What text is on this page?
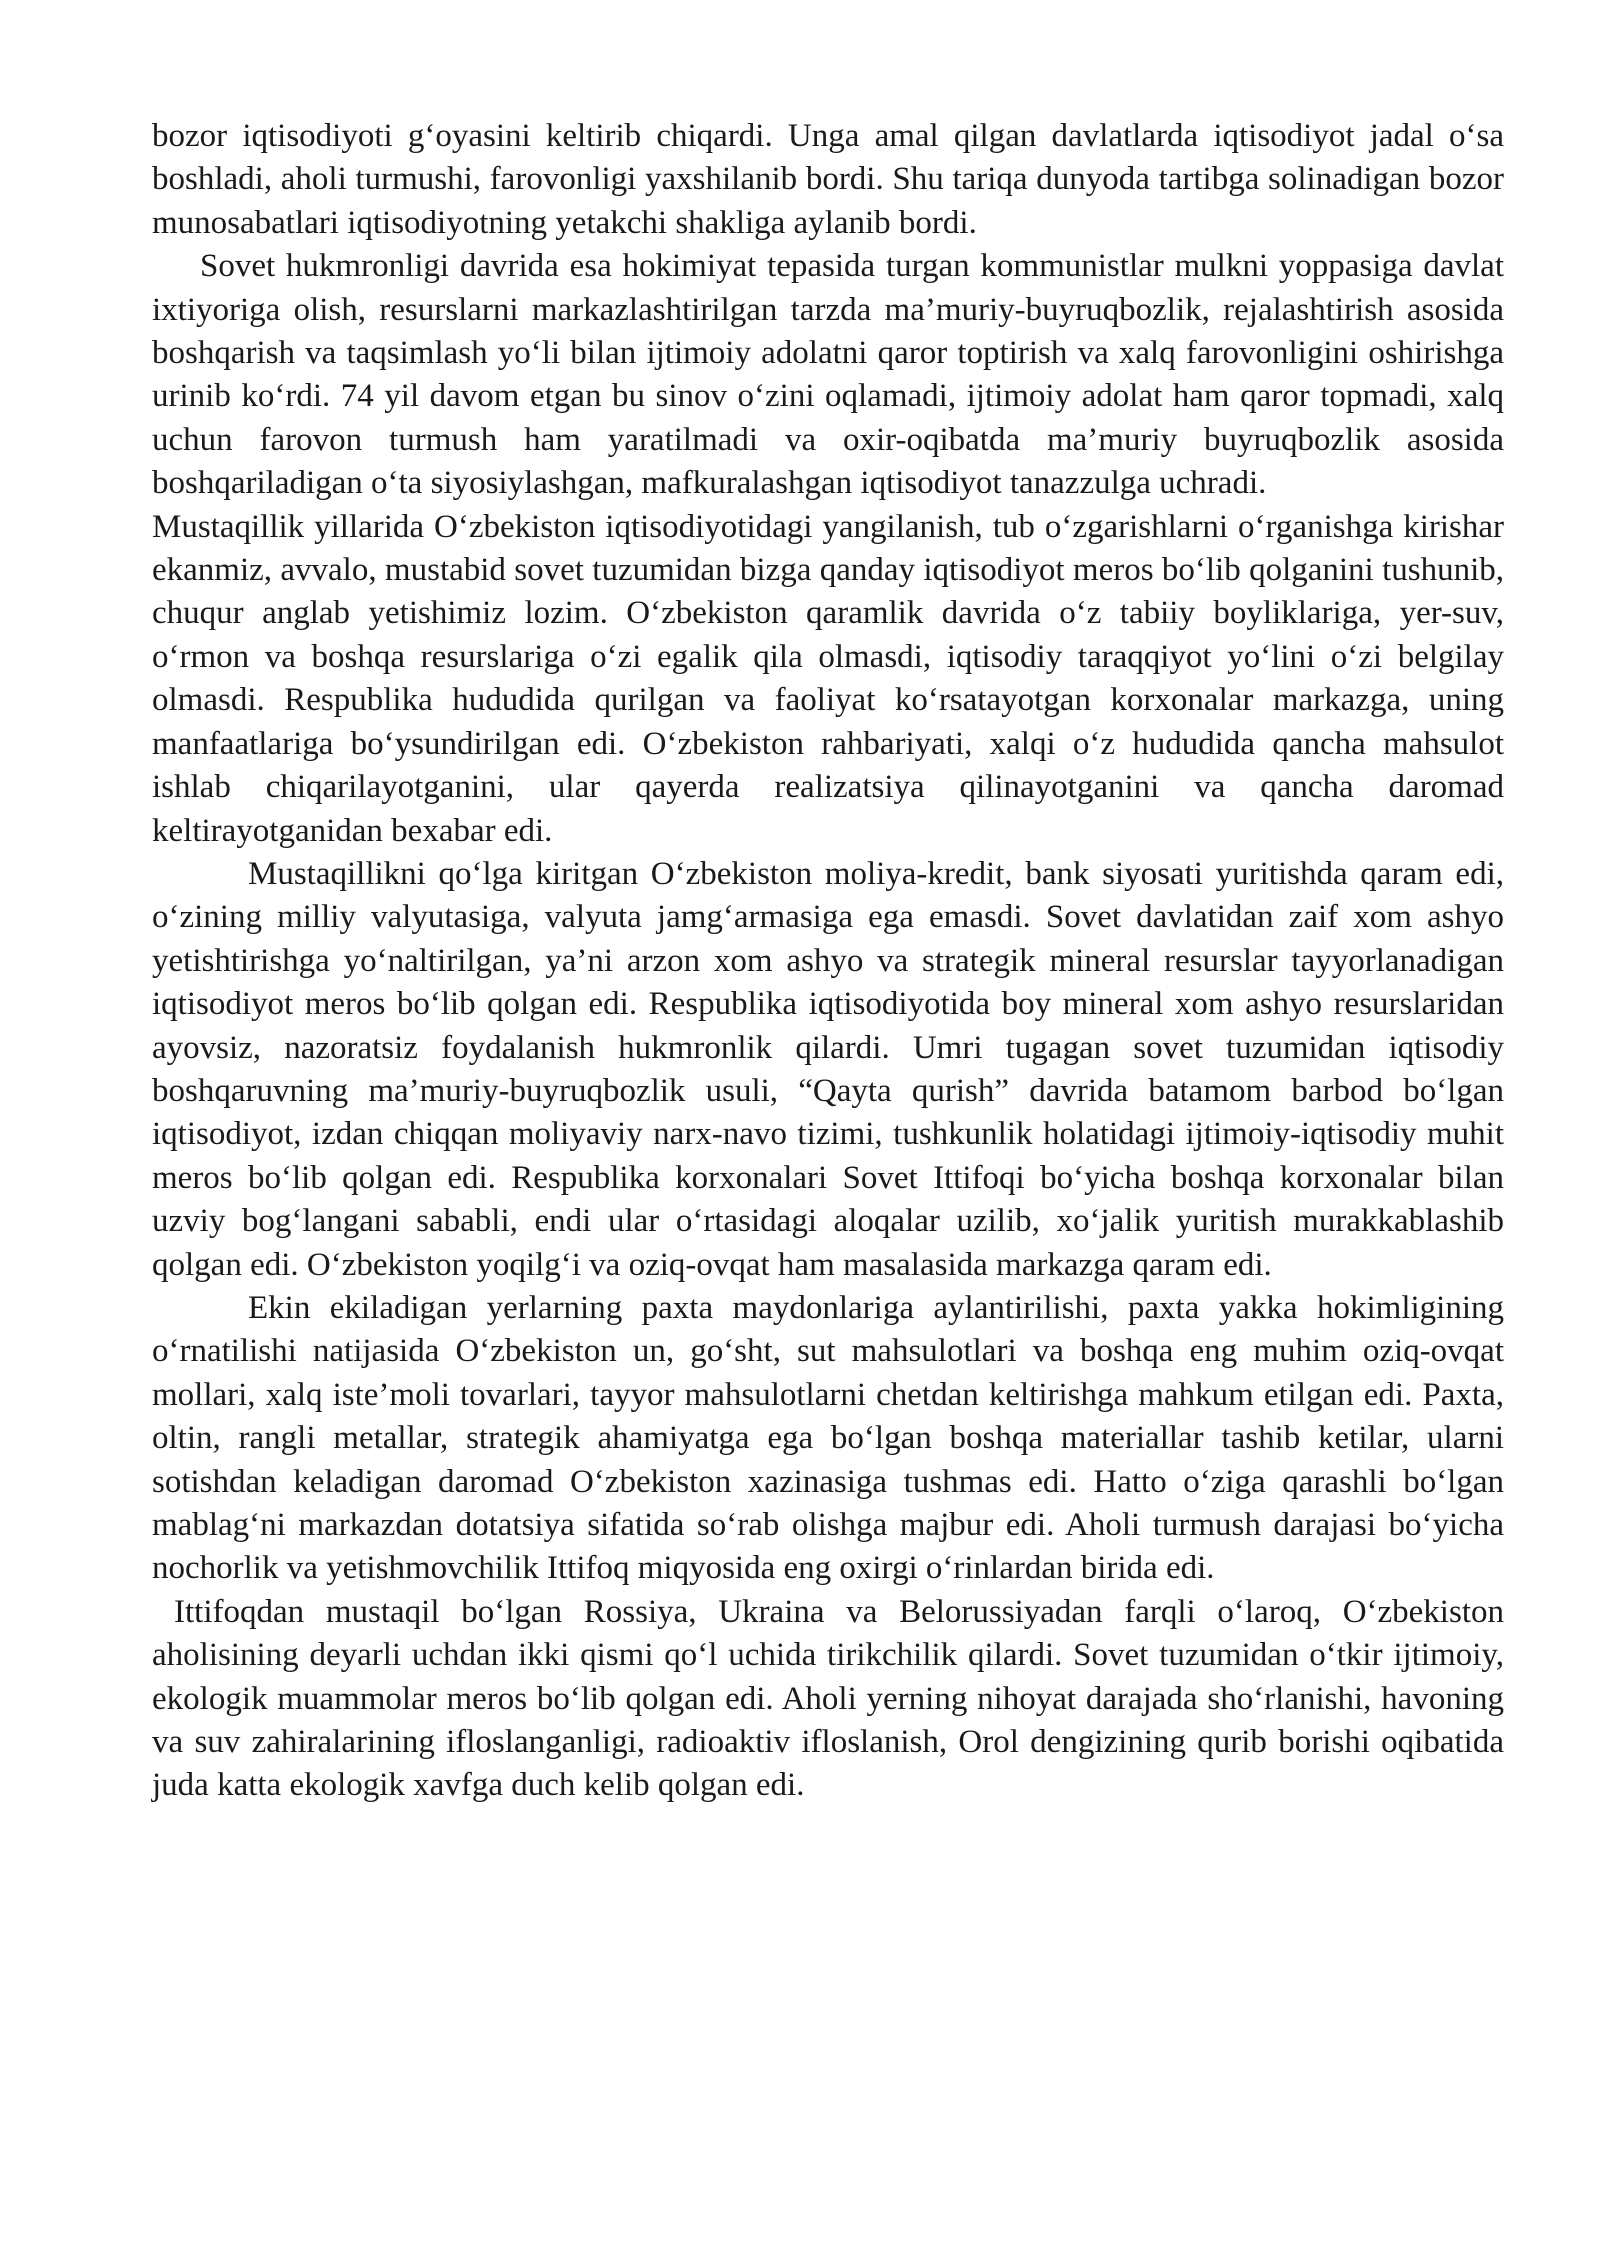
bozor iqtisodiyoti g‘oyasini keltirib chiqardi. Unga amal qilgan davlatlarda iqtisodiyot jadal o‘sa boshladi, aholi turmushi, farovonligi yaxshilanib bordi. Shu tariqa dunyoda tartibga solinadigan bozor munosabatlari iqtisodiyotning yetakchi shakliga aylanib bordi.

Sovet hukmronligi davrida esa hokimiyat tepasida turgan kommunistlar mulkni yoppasiga davlat ixtiyoriga olish, resurslarni markazlashtirilgan tarzda ma’muriy-buyruqbozlik, rejalashtirish asosida boshqarish va taqsimlash yo‘li bilan ijtimoiy adolatni qaror toptirish va xalq farovonligini oshirishga urinib ko‘rdi. 74 yil davom etgan bu sinov o‘zini oqlamadi, ijtimoiy adolat ham qaror topmadi, xalq uchun farovon turmush ham yaratilmadi va oxir-oqibatda ma’muriy buyruqbozlik asosida boshqariladigan o‘ta siyosiylashgan, mafkuralashgan iqtisodiyot tanazzulga uchradi.

Mustaqillik yillarida O‘zbekiston iqtisodiyotidagi yangilanish, tub o‘zgarishlarni o‘rganishga kirishar ekanmiz, avvalo, mustabid sovet tuzumidan bizga qanday iqtisodiyot meros bo‘lib qolganini tushunib, chuqur anglab yetishimiz lozim. O‘zbekiston qaramlik davrida o‘z tabiiy boyliklariga, yer-suv, o‘rmon va boshqa resurslariga o‘zi egalik qila olmasdi, iqtisodiy taraqqiyot yo‘lini o‘zi belgilay olmasdi. Respublika hududida qurilgan va faoliyat ko‘rsatayotgan korxonalar markazga, uning manfaatlariga bo‘ysundirilgan edi. O‘zbekiston rahbariyati, xalqi o‘z hududida qancha mahsulot ishlab chiqarilayotganini, ular qayerda realizatsiya qilinayotganini va qancha daromad keltirayotganidan bexabar edi.

Mustaqillikni qo‘lga kiritgan O‘zbekiston moliya-kredit, bank siyosati yuritishda qaram edi, o‘zining milliy valyutasiga, valyuta jamg‘armasiga ega emasdi. Sovet davlatidan zaif xom ashyo yetishtirishga yo‘naltirilgan, ya’ni arzon xom ashyo va strategik mineral resurslar tayyorlanadigan iqtisodiyot meros bo‘lib qolgan edi. Respublika iqtisodiyotida boy mineral xom ashyo resurslaridan ayovsiz, nazoratsiz foydalanish hukmronlik qilardi. Umri tugagan sovet tuzumidan iqtisodiy boshqaruvning ma’muriy-buyruqbozlik usuli, “Qayta qurish” davrida batamom barbod bo‘lgan iqtisodiyot, izdan chiqqan moliyaviy narx-navo tizimi, tushkunlik holatidagi ijtimoiy-iqtisodiy muhit meros bo‘lib qolgan edi. Respublika korxonalari Sovet Ittifoqi bo‘yicha boshqa korxonalar bilan uzviy bog‘langani sababli, endi ular o‘rtasidagi aloqalar uzilib, xo‘jalik yuritish murakkablashib qolgan edi. O‘zbekiston yoqilg‘i va oziq-ovqat ham masalasida markazga qaram edi.

Ekin ekiladigan yerlarning paxta maydonlariga aylantirilishi, paxta yakka hokimligining o‘rnatilishi natijasida O‘zbekiston un, go‘sht, sut mahsulotlari va boshqa eng muhim oziq-ovqat mollari, xalq iste’moli tovarlari, tayyor mahsulotlarni chetdan keltirishga mahkum etilgan edi. Paxta, oltin, rangli metallar, strategik ahamiyatga ega bo‘lgan boshqa materiallar tashib ketilar, ularni sotishdan keladigan daromad O‘zbekiston xazinasiga tushmas edi. Hatto o‘ziga qarashli bo‘lgan mablag‘ni markazdan dotatsiya sifatida so‘rab olishga majbur edi. Aholi turmush darajasi bo‘yicha nochorlik va yetishmovchilik Ittifoq miqyosida eng oxirgi o‘rinlardan birida edi.

Ittifoqdan mustaqil bo‘lgan Rossiya, Ukraina va Belorussiyadan farqli o‘laroq, O‘zbekiston aholisining deyarli uchdan ikki qismi qo‘l uchida tirikchilik qilardi. Sovet tuzumidan o‘tkir ijtimoiy, ekologik muammolar meros bo‘lib qolgan edi. Aholi yerning nihoyat darajada sho‘rlanishi, havoning va suv zahiralarining ifloslanganligi, radioaktiv ifloslanish, Orol dengizining qurib borishi oqibatida juda katta ekologik xavfga duch kelib qolgan edi.
